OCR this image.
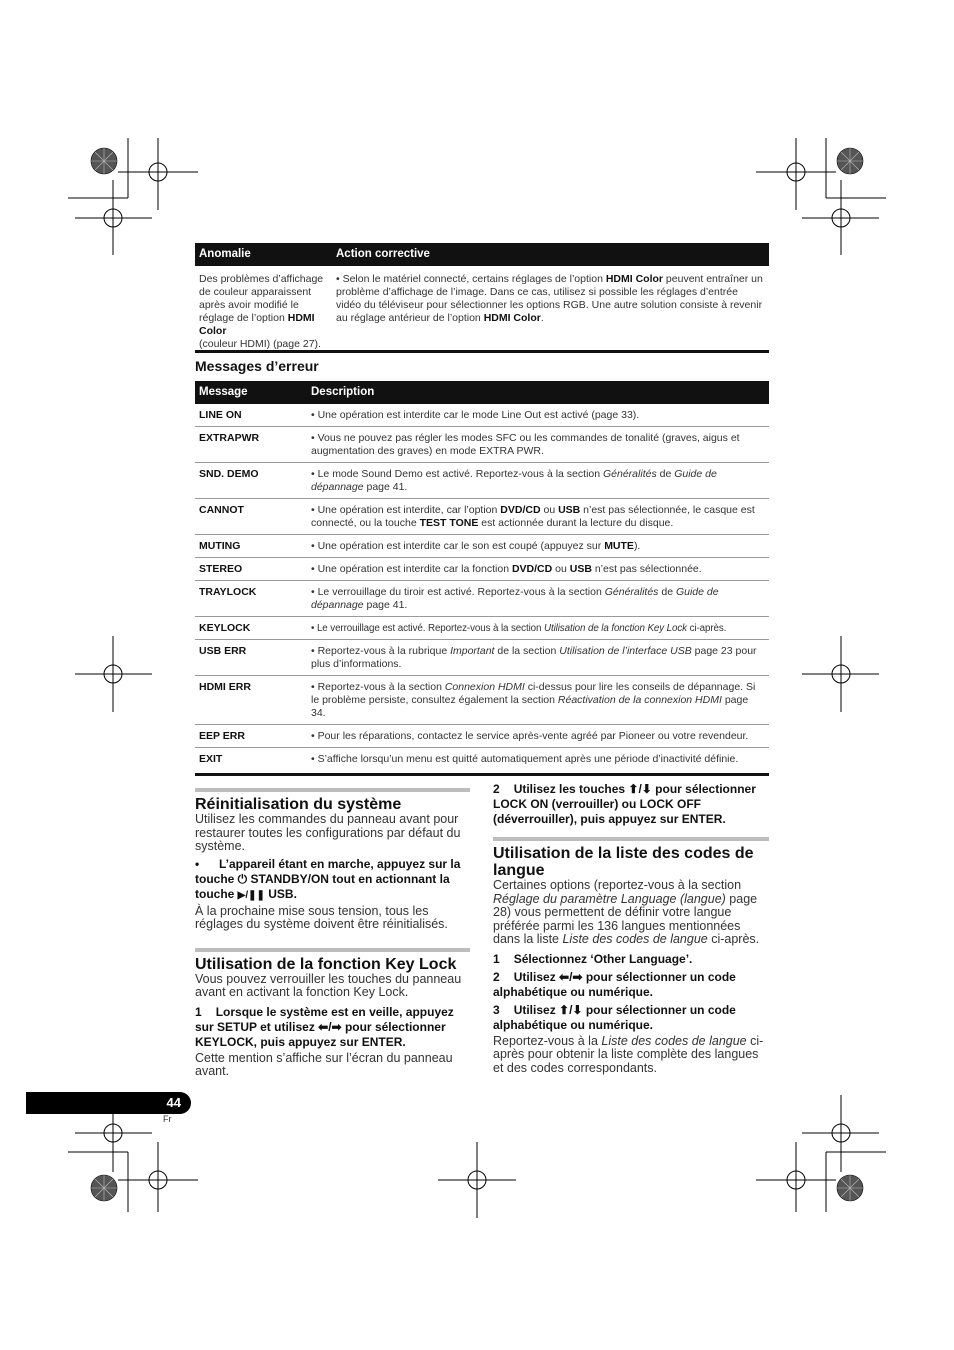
Anomalie	Action corrective
Des problèmes d’affichage de couleur apparaissent après avoir modifié le réglage de l’option HDMI Color
(couleur HDMI) (page 27).	• Selon le matériel connecté, certains réglages de l’option HDMI Color peuvent entraîner un problème d’affichage de l’image. Dans ce cas, utilisez si possible les réglages d’entrée vidéo du téléviseur pour sélectionner les options RGB. Une autre solution consiste à revenir au réglage antérieur de l’option HDMI Color.
Messages d’erreur
Message	Description
LINE ON	• Une opération est interdite car le mode Line Out est activé (page 33).
EXTRAPWR	• Vous ne pouvez pas régler les modes SFC ou les commandes de tonalité (graves, aigus et augmentation des graves) en mode EXTRA PWR.
SND. DEMO	• Le mode Sound Demo est activé. Reportez-vous à la section Généralités de Guide de dépannage page 41.
CANNOT	• Une opération est interdite, car l’option DVD/CD ou USB n’est pas sélectionnée, le casque est connecté, ou la touche TEST TONE est actionnée durant la lecture du disque.
MUTING	• Une opération est interdite car le son est coupé (appuyez sur MUTE).
STEREO	• Une opération est interdite car la fonction DVD/CD ou USB n’est pas sélectionnée.
TRAYLOCK	• Le verrouillage du tiroir est activé. Reportez-vous à la section Généralités de Guide de dépannage page 41.
KEYLOCK	• Le verrouillage est activé. Reportez-vous à la section Utilisation de la fonction Key Lock ci-après.
USB ERR	• Reportez-vous à la rubrique Important de la section Utilisation de l’interface USB page 23 pour plus d’informations.
HDMI ERR	• Reportez-vous à la section Connexion HDMI ci-dessus pour lire les conseils de dépannage. Si le problème persiste, consultez également la section Réactivation de la connexion HDMI page 34.
EEP ERR	• Pour les réparations, contactez le service après-vente agréé par Pioneer ou votre revendeur.
EXIT	• S’affiche lorsqu’un menu est quitté automatiquement après une période d’inactivité définie.
Réinitialisation du système
Utilisez les commandes du panneau avant pour restaurer toutes les configurations par défaut du système.
•	L’appareil étant en marche, appuyez sur la touche ⏻ STANDBY/ON tout en actionnant la touche ▶/❚❚ USB.
À la prochaine mise sous tension, tous les réglages du système doivent être réinitialisés.
Utilisation de la fonction Key Lock
Vous pouvez verrouiller les touches du panneau avant en activant la fonction Key Lock.
1 Lorsque le système est en veille, appuyez sur SETUP et utilisez ⬅/➡ pour sélectionner KEYLOCK, puis appuyez sur ENTER.
Cette mention s’affiche sur l’écran du panneau avant.
2 Utilisez les touches ⬆/⬇ pour sélectionner LOCK ON (verrouiller) ou LOCK OFF (déverrouiller), puis appuyez sur ENTER.
Utilisation de la liste des codes de langue
Certaines options (reportez-vous à la section Réglage du paramètre Language (langue) page 28) vous permettent de définir votre langue préférée parmi les 136 langues mentionnées dans la liste Liste des codes de langue ci-après.
1 Sélectionnez ‘Other Language’.
2 Utilisez ⬅/➡ pour sélectionner un code alphabétique ou numérique.
3 Utilisez ⬆/⬇ pour sélectionner un code alphabétique ou numérique.
Reportez-vous à la Liste des codes de langue ci-après pour obtenir la liste complète des langues et des codes correspondants.
44
Fr
